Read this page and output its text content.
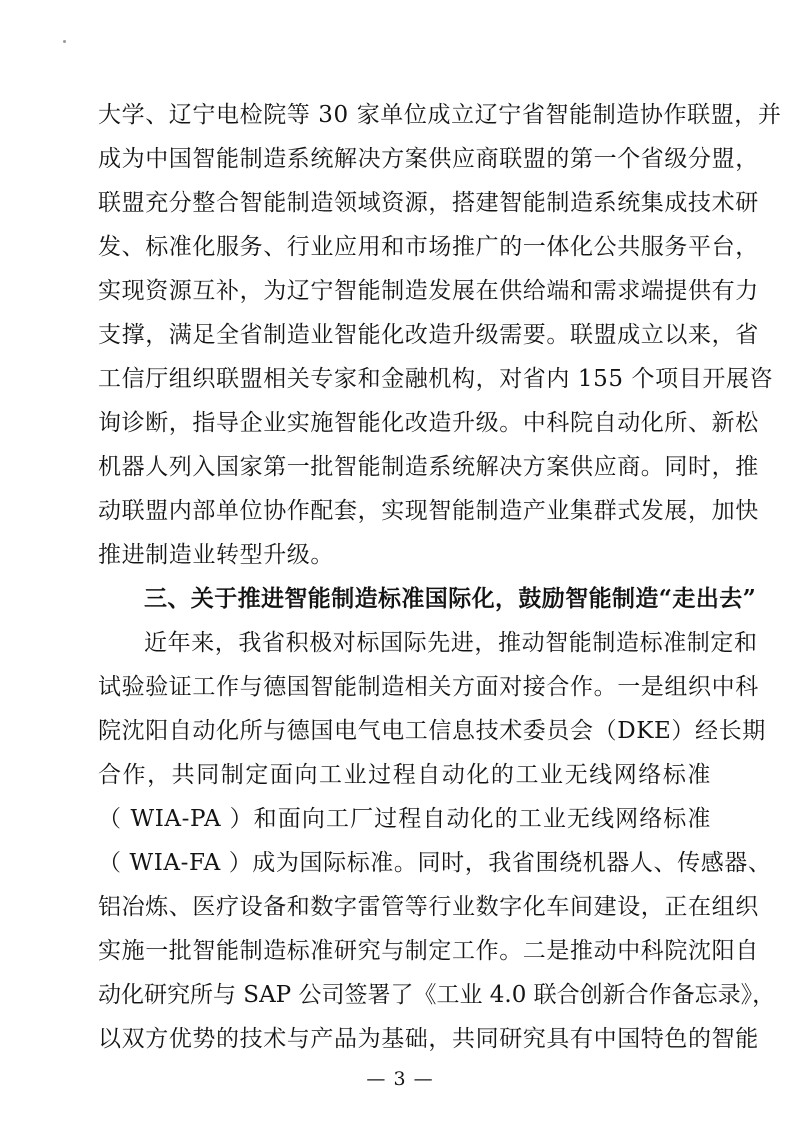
大学、辽宁电检院等 30 家单位成立辽宁省智能制造协作联盟，并
成为中国智能制造系统解决方案供应商联盟的第一个省级分盟，
联盟充分整合智能制造领域资源，搭建智能制造系统集成技术研
发、标准化服务、行业应用和市场推广的一体化公共服务平台，
实现资源互补，为辽宁智能制造发展在供给端和需求端提供有力
支撑，满足全省制造业智能化改造升级需要。联盟成立以来，省
工信厅组织联盟相关专家和金融机构，对省内 155 个项目开展咨
询诊断，指导企业实施智能化改造升级。中科院自动化所、新松
机器人列入国家第一批智能制造系统解决方案供应商。同时，推
动联盟内部单位协作配套，实现智能制造产业集群式发展，加快
推进制造业转型升级。
三、关于推进智能制造标准国际化，鼓励智能制造“走出去”
近年来，我省积极对标国际先进，推动智能制造标准制定和
试验验证工作与德国智能制造相关方面对接合作。一是组织中科
院沈阳自动化所与德国电气电工信息技术委员会（DKE）经长期
合作，共同制定面向工业过程自动化的工业无线网络标准
（ WIA-PA ）和面向工厂过程自动化的工业无线网络标准
（ WIA-FA ）成为国际标准。同时，我省围绕机器人、传感器、
铝冶炼、医疗设备和数字雷管等行业数字化车间建设，正在组织
实施一批智能制造标准研究与制定工作。二是推动中科院沈阳自
动化研究所与 SAP 公司签署了《工业 4.0 联合创新合作备忘录》，
以双方优势的技术与产品为基础，共同研究具有中国特色的智能
— 3 —
